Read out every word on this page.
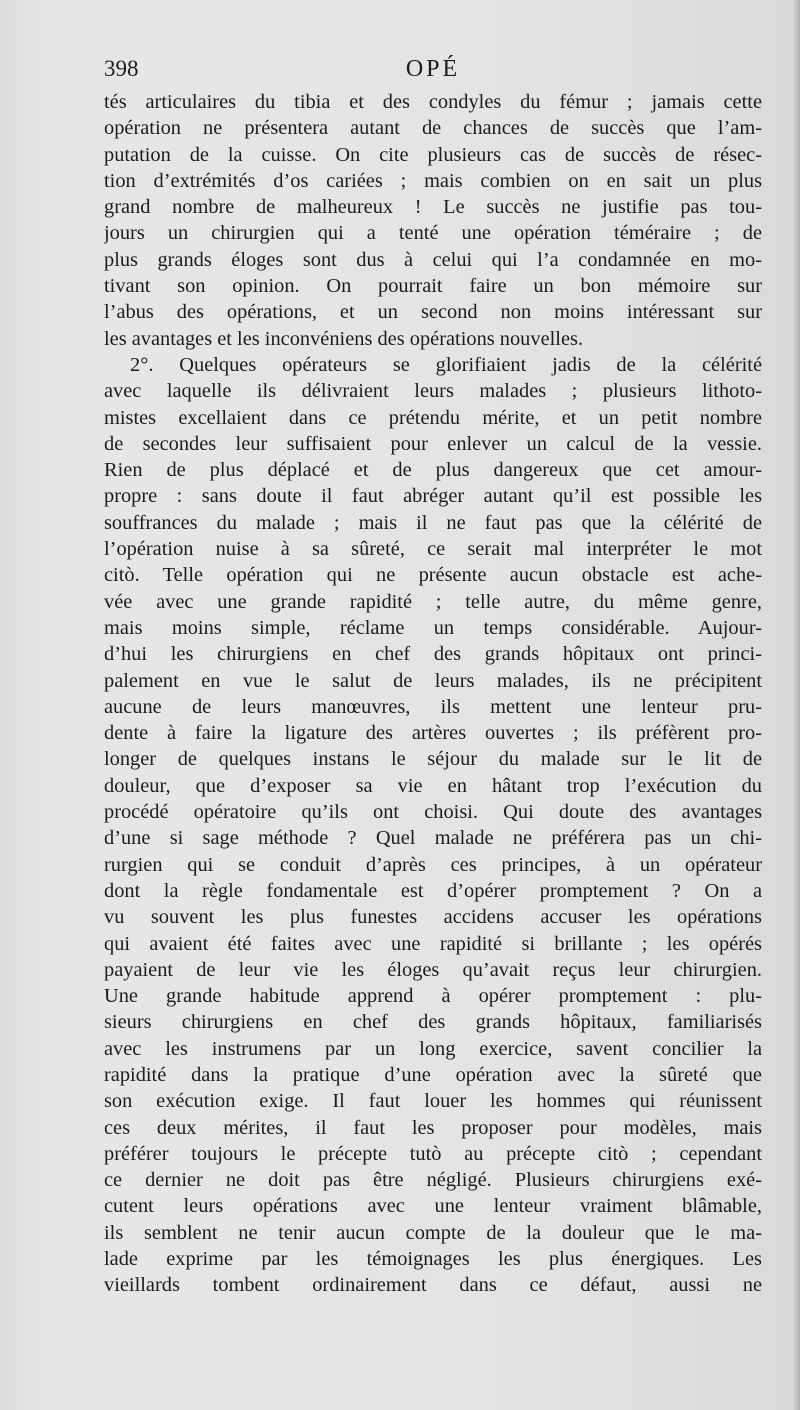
398	OPÉ
tés articulaires du tibia et des condyles du fémur ; jamais cette
opération ne présentera autant de chances de succès que l’am-
putation de la cuisse. On cite plusieurs cas de succès de résec-
tion d’extrémités d’os cariées ; mais combien on en sait un plus
grand nombre de malheureux ! Le succès ne justifie pas tou-
jours un chirurgien qui a tenté une opération téméraire ; de
plus grands éloges sont dus à celui qui l’a condamnée en mo-
tivant son opinion. On pourrait faire un bon mémoire sur
l’abus des opérations, et un second non moins intéressant sur
les avantages et les inconvéniens des opérations nouvelles.
2°. Quelques opérateurs se glorifiaient jadis de la célérité
avec laquelle ils délivraient leurs malades ; plusieurs lithoto-
mistes excellaient dans ce prétendu mérite, et un petit nombre
de secondes leur suffisaient pour enlever un calcul de la vessie.
Rien de plus déplacé et de plus dangereux que cet amour-
propre : sans doute il faut abréger autant qu’il est possible les
souffrances du malade ; mais il ne faut pas que la célérité de
l’opération nuise à sa sûreté, ce serait mal interpréter le mot
citò. Telle opération qui ne présente aucun obstacle est ache-
vée avec une grande rapidité ; telle autre, du même genre,
mais moins simple, réclame un temps considérable. Aujour-
d’hui les chirurgiens en chef des grands hôpitaux ont princi-
palement en vue le salut de leurs malades, ils ne précipitent
aucune de leurs manœuvres, ils mettent une lenteur pru-
dente à faire la ligature des artères ouvertes ; ils préfèrent pro-
longer de quelques instans le séjour du malade sur le lit de
douleur, que d’exposer sa vie en hâtant trop l’exécution du
procédé opératoire qu’ils ont choisi. Qui doute des avantages
d’une si sage méthode ? Quel malade ne préférera pas un chi-
rurgien qui se conduit d’après ces principes, à un opérateur
dont la règle fondamentale est d’opérer promptement ? On a
vu souvent les plus funestes accidens accuser les opérations
qui avaient été faites avec une rapidité si brillante ; les opérés
payaient de leur vie les éloges qu’avait reçus leur chirurgien.
Une grande habitude apprend à opérer promptement : plu-
sieurs chirurgiens en chef des grands hôpitaux, familiarisés
avec les instrumens par un long exercice, savent concilier la
rapidité dans la pratique d’une opération avec la sûreté que
son exécution exige. Il faut louer les hommes qui réunissent
ces deux mérites, il faut les proposer pour modèles, mais
préférer toujours le précepte tutò au précepte citò ; cependant
ce dernier ne doit pas être négligé. Plusieurs chirurgiens exé-
cutent leurs opérations avec une lenteur vraiment blâmable,
ils semblent ne tenir aucun compte de la douleur que le ma-
lade exprime par les témoignages les plus énergiques. Les
vieillards tombent ordinairement dans ce défaut, aussi ne
